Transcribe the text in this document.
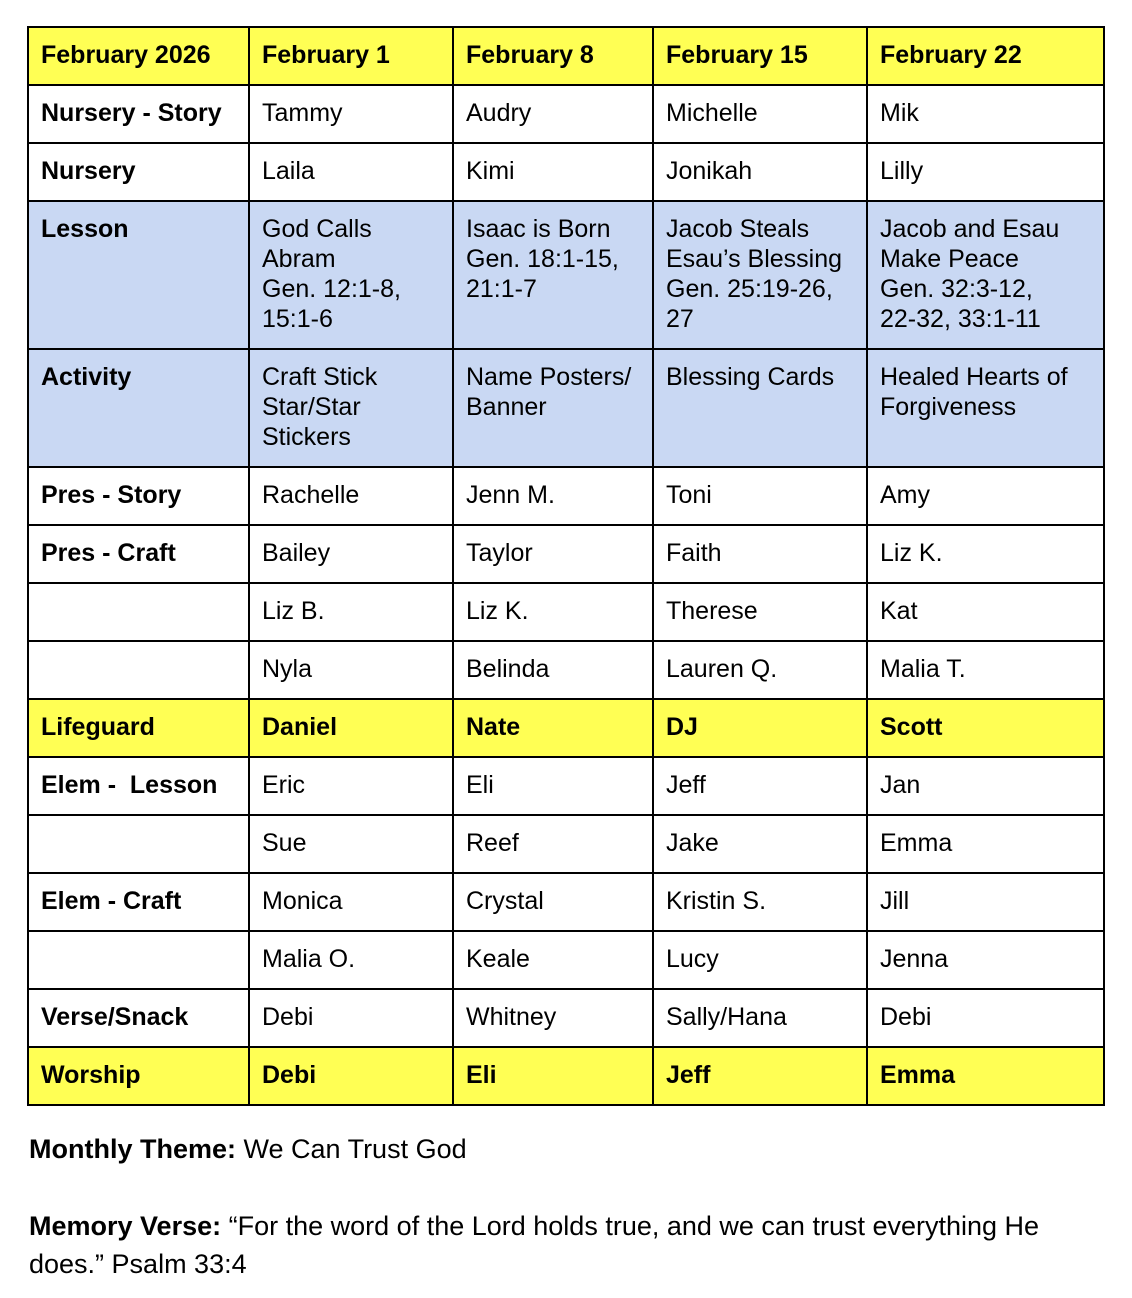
February 2026	February 1	February 8	February 15	February 22
Nursery - Story	Tammy	Audry	Michelle	Mik
Nursery	Laila	Kimi	Jonikah	Lilly
Lesson	God Calls
Abram
Gen. 12:1-8,
15:1-6	Isaac is Born
Gen. 18:1-15,
21:1-7	Jacob Steals
Esau’s Blessing
Gen. 25:19-26,
27	Jacob and Esau
Make Peace
Gen. 32:3-12,
22-32, 33:1-11

Activity	Craft Stick
Star/Star
Stickers	Name Posters/
Banner	Blessing Cards	Healed Hearts of
Forgiveness

Pres - Story	Rachelle	Jenn M.	Toni	Amy
Pres - Craft	Bailey	Taylor	Faith	Liz K.
	Liz B.	Liz K.	Therese	Kat
	Nyla	Belinda	Lauren Q.	Malia T.
Lifeguard	Daniel	Nate	DJ	Scott
Elem -  Lesson	Eric	Eli	Jeff	Jan
	Sue	Reef	Jake	Emma
Elem - Craft	Monica	Crystal	Kristin S.	Jill
	Malia O.	Keale	Lucy	Jenna
Verse/Snack	Debi	Whitney	Sally/Hana	Debi
Worship	Debi	Eli	Jeff	Emma
Monthly Theme: We Can Trust God
Memory Verse: “For the word of the Lord holds true, and we can trust everything He does.” Psalm 33:4
